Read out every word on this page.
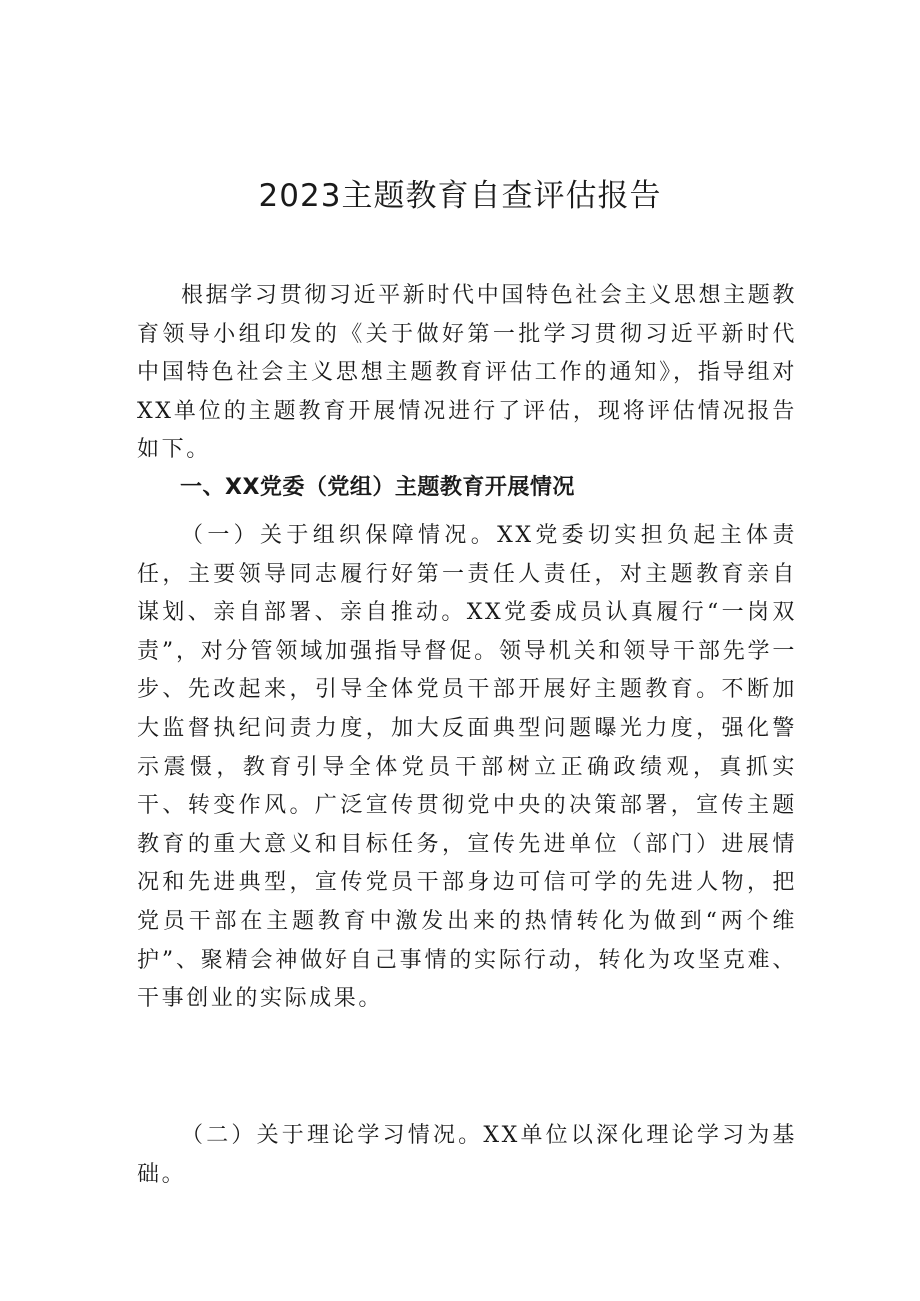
2023主题教育自查评估报告

根据学习贯彻习近平新时代中国特色社会主义思想主题教育领导小组印发的《关于做好第一批学习贯彻习近平新时代中国特色社会主义思想主题教育评估工作的通知》，指导组对XX单位的主题教育开展情况进行了评估，现将评估情况报告如下。

一、XX党委（党组）主题教育开展情况

（一）关于组织保障情况。XX党委切实担负起主体责任，主要领导同志履行好第一责任人责任，对主题教育亲自谋划、亲自部署、亲自推动。XX党委成员认真履行“一岗双责”，对分管领域加强指导督促。领导机关和领导干部先学一步、先改起来，引导全体党员干部开展好主题教育。不断加大监督执纪问责力度，加大反面典型问题曝光力度，强化警示震慑，教育引导全体党员干部树立正确政绩观，真抓实干、转变作风。广泛宣传贯彻党中央的决策部署，宣传主题教育的重大意义和目标任务，宣传先进单位（部门）进展情况和先进典型，宣传党员干部身边可信可学的先进人物，把党员干部在主题教育中激发出来的热情转化为做到“两个维护”、聚精会神做好自己事情的实际行动，转化为攻坚克难、干事创业的实际成果。

（二）关于理论学习情况。XX单位以深化理论学习为基础。
